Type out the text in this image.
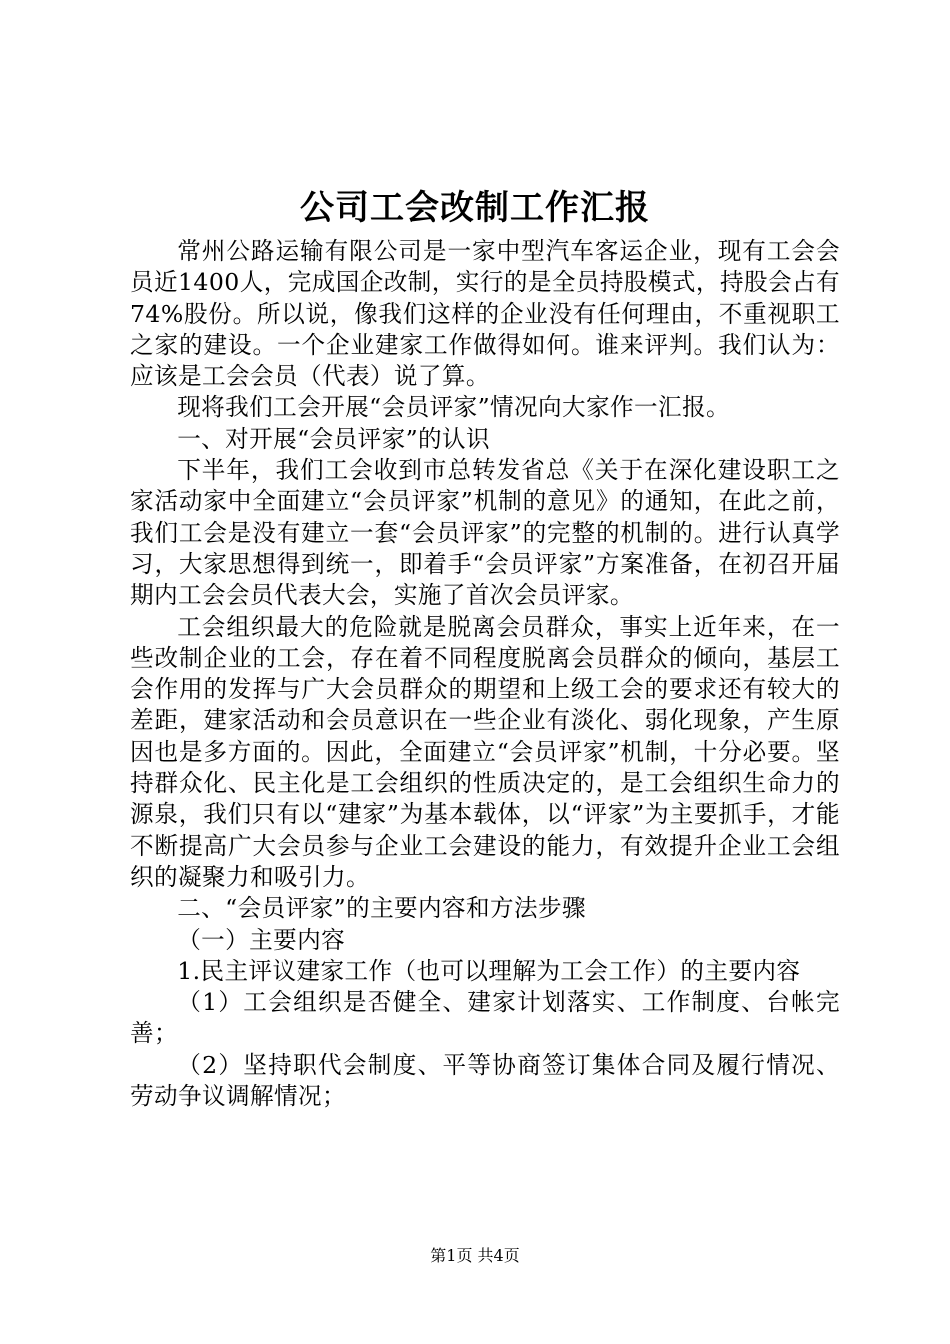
公司工会改制工作汇报

常州公路运输有限公司是一家中型汽车客运企业，现有工会会员近1400人，完成国企改制，实行的是全员持股模式，持股会占有74%股份。所以说，像我们这样的企业没有任何理由，不重视职工之家的建设。一个企业建家工作做得如何。谁来评判。我们认为：应该是工会会员（代表）说了算。

现将我们工会开展“会员评家”情况向大家作一汇报。

一、对开展“会员评家”的认识

下半年，我们工会收到市总转发省总《关于在深化建设职工之家活动家中全面建立“会员评家”机制的意见》的通知，在此之前，我们工会是没有建立一套“会员评家”的完整的机制的。进行认真学习，大家思想得到统一，即着手“会员评家”方案准备，在初召开届期内工会会员代表大会，实施了首次会员评家。

工会组织最大的危险就是脱离会员群众，事实上近年来，在一些改制企业的工会，存在着不同程度脱离会员群众的倾向，基层工会作用的发挥与广大会员群众的期望和上级工会的要求还有较大的差距，建家活动和会员意识在一些企业有淡化、弱化现象，产生原因也是多方面的。因此，全面建立“会员评家”机制，十分必要。坚持群众化、民主化是工会组织的性质决定的，是工会组织生命力的源泉，我们只有以“建家”为基本载体，以“评家”为主要抓手，才能不断提高广大会员参与企业工会建设的能力，有效提升企业工会组织的凝聚力和吸引力。

二、“会员评家”的主要内容和方法步骤

（一）主要内容

1.民主评议建家工作（也可以理解为工会工作）的主要内容

（1）工会组织是否健全、建家计划落实、工作制度、台帐完善；

（2）坚持职代会制度、平等协商签订集体合同及履行情况、劳动争议调解情况；

第1页 共4页
